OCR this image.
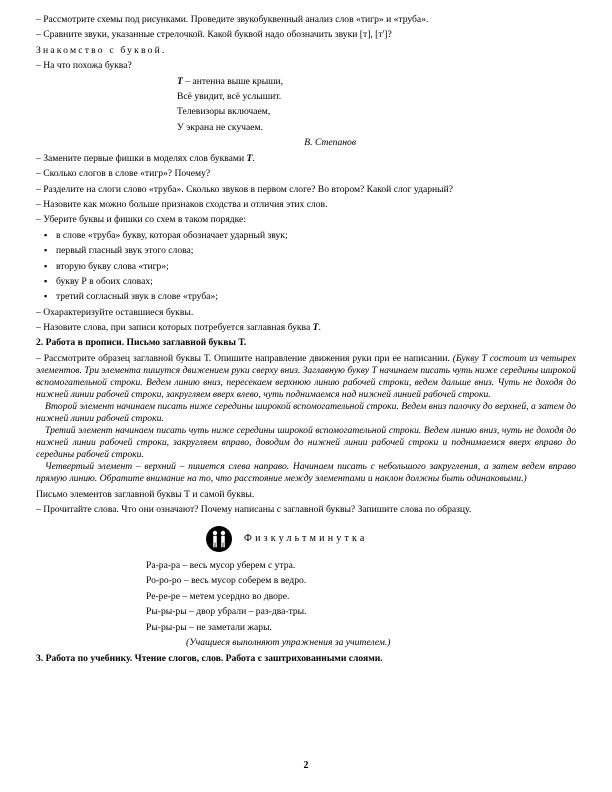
– Рассмотрите схемы под рисунками. Проведите звукобуквенный анализ слов «тигр» и «труба».

– Сравните звуки, указанные стрелочкой. Какой буквой надо обозначить звуки [т], [т']?

Знакомство с буквой.

– На что похожа буква?

Т – антенна выше крыши,

Всё увидит, всё услышит.

Телевизоры включаем,

У экрана не скучаем.

В. Степанов

– Замените первые фишки в моделях слов буквами Т.

– Сколько слогов в слове «тигр»? Почему?

– Разделите на слоги слово «труба». Сколько звуков в первом слоге? Во втором? Какой слог ударный?

– Назовите как можно больше признаков сходства и отличия этих слов.

– Уберите буквы и фишки со схем в таком порядке:

▪ в слове «труба» букву, которая обозначает ударный звук;
▪ первый гласный звук этого слова;
▪ вторую букву слова «тигр»;
▪ букву Р в обоих словах;
▪ третий согласный звук в слове «труба»;

– Охарактеризуйте оставшиеся буквы.

– Назовите слова, при записи которых потребуется заглавная буква Т.

2. Работа в прописи. Письмо заглавной буквы Т.

– Рассмотрите образец заглавной буквы Т. Опишите направление движения руки при ее написании. (Букву Т состоит из четырех элементов. Три элемента пишутся движением руки сверху вниз. Заглавную букву Т начинаем писать чуть ниже середины широкой вспомогательной строки. Ведем линию вниз, пересекаем верхнюю линию рабочей строки, ведем дальше вниз. Чуть не доходя до нижней линии рабочей строки, закругляем вверх влево, чуть поднимаемся над нижней линией рабочей строки.

Второй элемент начинаем писать ниже середины широкой вспомогательной строки. Ведем вниз палочку до верхней, а затем до нижней линии рабочей строки.

Третий элемент начинаем писать чуть ниже середины широкой вспомогательной строки. Ведем линию вниз, чуть не доходя до нижней линии рабочей строки, закругляем вправо, доводим до нижней линии рабочей строки и поднимаемся вверх вправо до середины рабочей строки.

Четвертый элемент – верхний – пишется слева направо. Начинаем писать с небольшого закругления, а затем ведем вправо прямую линию. Обратите внимание на то, что расстояние между элементами и наклон должны быть одинаковыми.)

Письмо элементов заглавной буквы Т и самой буквы.

– Прочитайте слова. Что они означают? Почему написаны с заглавной буквы? Запишите слова по образцу.

Физкультминутка

Ра-ра-ра – весь мусор уберем с утра.

Ро-ро-ро – весь мусор соберем в ведро.

Ре-ре-ре – метем усердно во дворе.

Ры-ры-ры – двор убрали – раз-два-тры.

Ры-ры-ры – не заметали жары.

(Учащиеся выполняют упражнения за учителем.)

3. Работа по учебнику. Чтение слогов, слов. Работа с заштрихованными слоями.

2
